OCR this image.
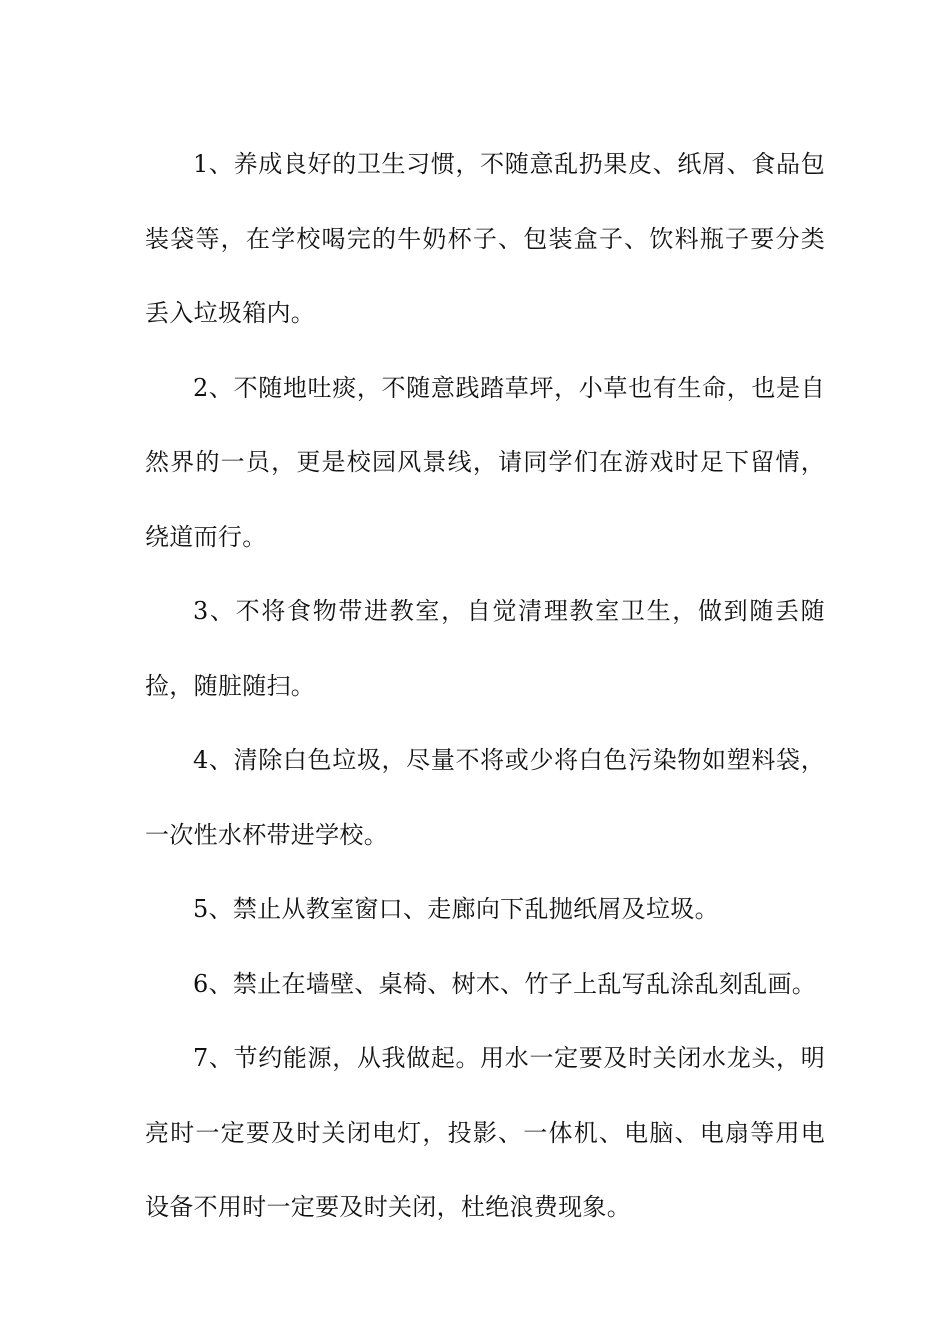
1、养成良好的卫生习惯，不随意乱扔果皮、纸屑、食品包装袋等，在学校喝完的牛奶杯子、包装盒子、饮料瓶子要分类丢入垃圾箱内。

2、不随地吐痰，不随意践踏草坪，小草也有生命，也是自然界的一员，更是校园风景线，请同学们在游戏时足下留情，绕道而行。

3、不将食物带进教室，自觉清理教室卫生，做到随丢随捡，随脏随扫。

4、清除白色垃圾，尽量不将或少将白色污染物如塑料袋，一次性水杯带进学校。

5、禁止从教室窗口、走廊向下乱抛纸屑及垃圾。

6、禁止在墙壁、桌椅、树木、竹子上乱写乱涂乱刻乱画。

7、节约能源，从我做起。用水一定要及时关闭水龙头，明亮时一定要及时关闭电灯，投影、一体机、电脑、电扇等用电设备不用时一定要及时关闭，杜绝浪费现象。
